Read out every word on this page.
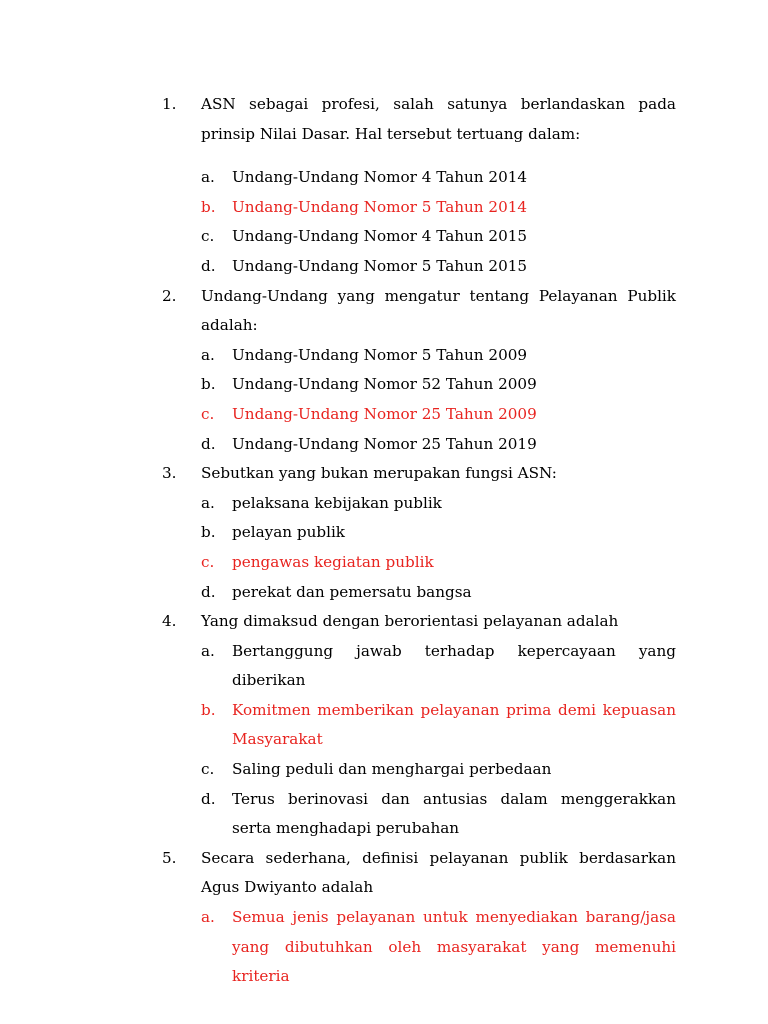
1.	ASN sebagai profesi, salah satunya berlandaskan pada prinsip Nilai Dasar. Hal tersebut tertuang dalam:
a.	Undang-Undang Nomor 4 Tahun 2014
b.	Undang-Undang Nomor 5 Tahun 2014
c.	Undang-Undang Nomor 4 Tahun 2015
d.	Undang-Undang Nomor 5 Tahun 2015
2.	Undang-Undang yang mengatur tentang Pelayanan Publik adalah:
a.	Undang-Undang Nomor 5 Tahun 2009
b.	Undang-Undang Nomor 52 Tahun 2009
c.	Undang-Undang Nomor 25 Tahun 2009
d.	Undang-Undang Nomor 25 Tahun 2019
3.	Sebutkan yang bukan merupakan fungsi ASN:
a.	pelaksana kebijakan publik
b.	pelayan publik
c.	pengawas kegiatan publik
d.	perekat dan pemersatu bangsa
4.	Yang dimaksud dengan berorientasi pelayanan adalah
a.	Bertanggung jawab terhadap kepercayaan yang diberikan
b.	Komitmen memberikan pelayanan prima demi kepuasan Masyarakat
c.	Saling peduli dan menghargai perbedaan
d.	Terus berinovasi dan antusias dalam menggerakkan serta menghadapi perubahan
5.	Secara sederhana, definisi pelayanan publik berdasarkan Agus Dwiyanto adalah
a.	Semua jenis pelayanan untuk menyediakan barang/jasa yang dibutuhkan oleh masyarakat yang memenuhi kriteria
